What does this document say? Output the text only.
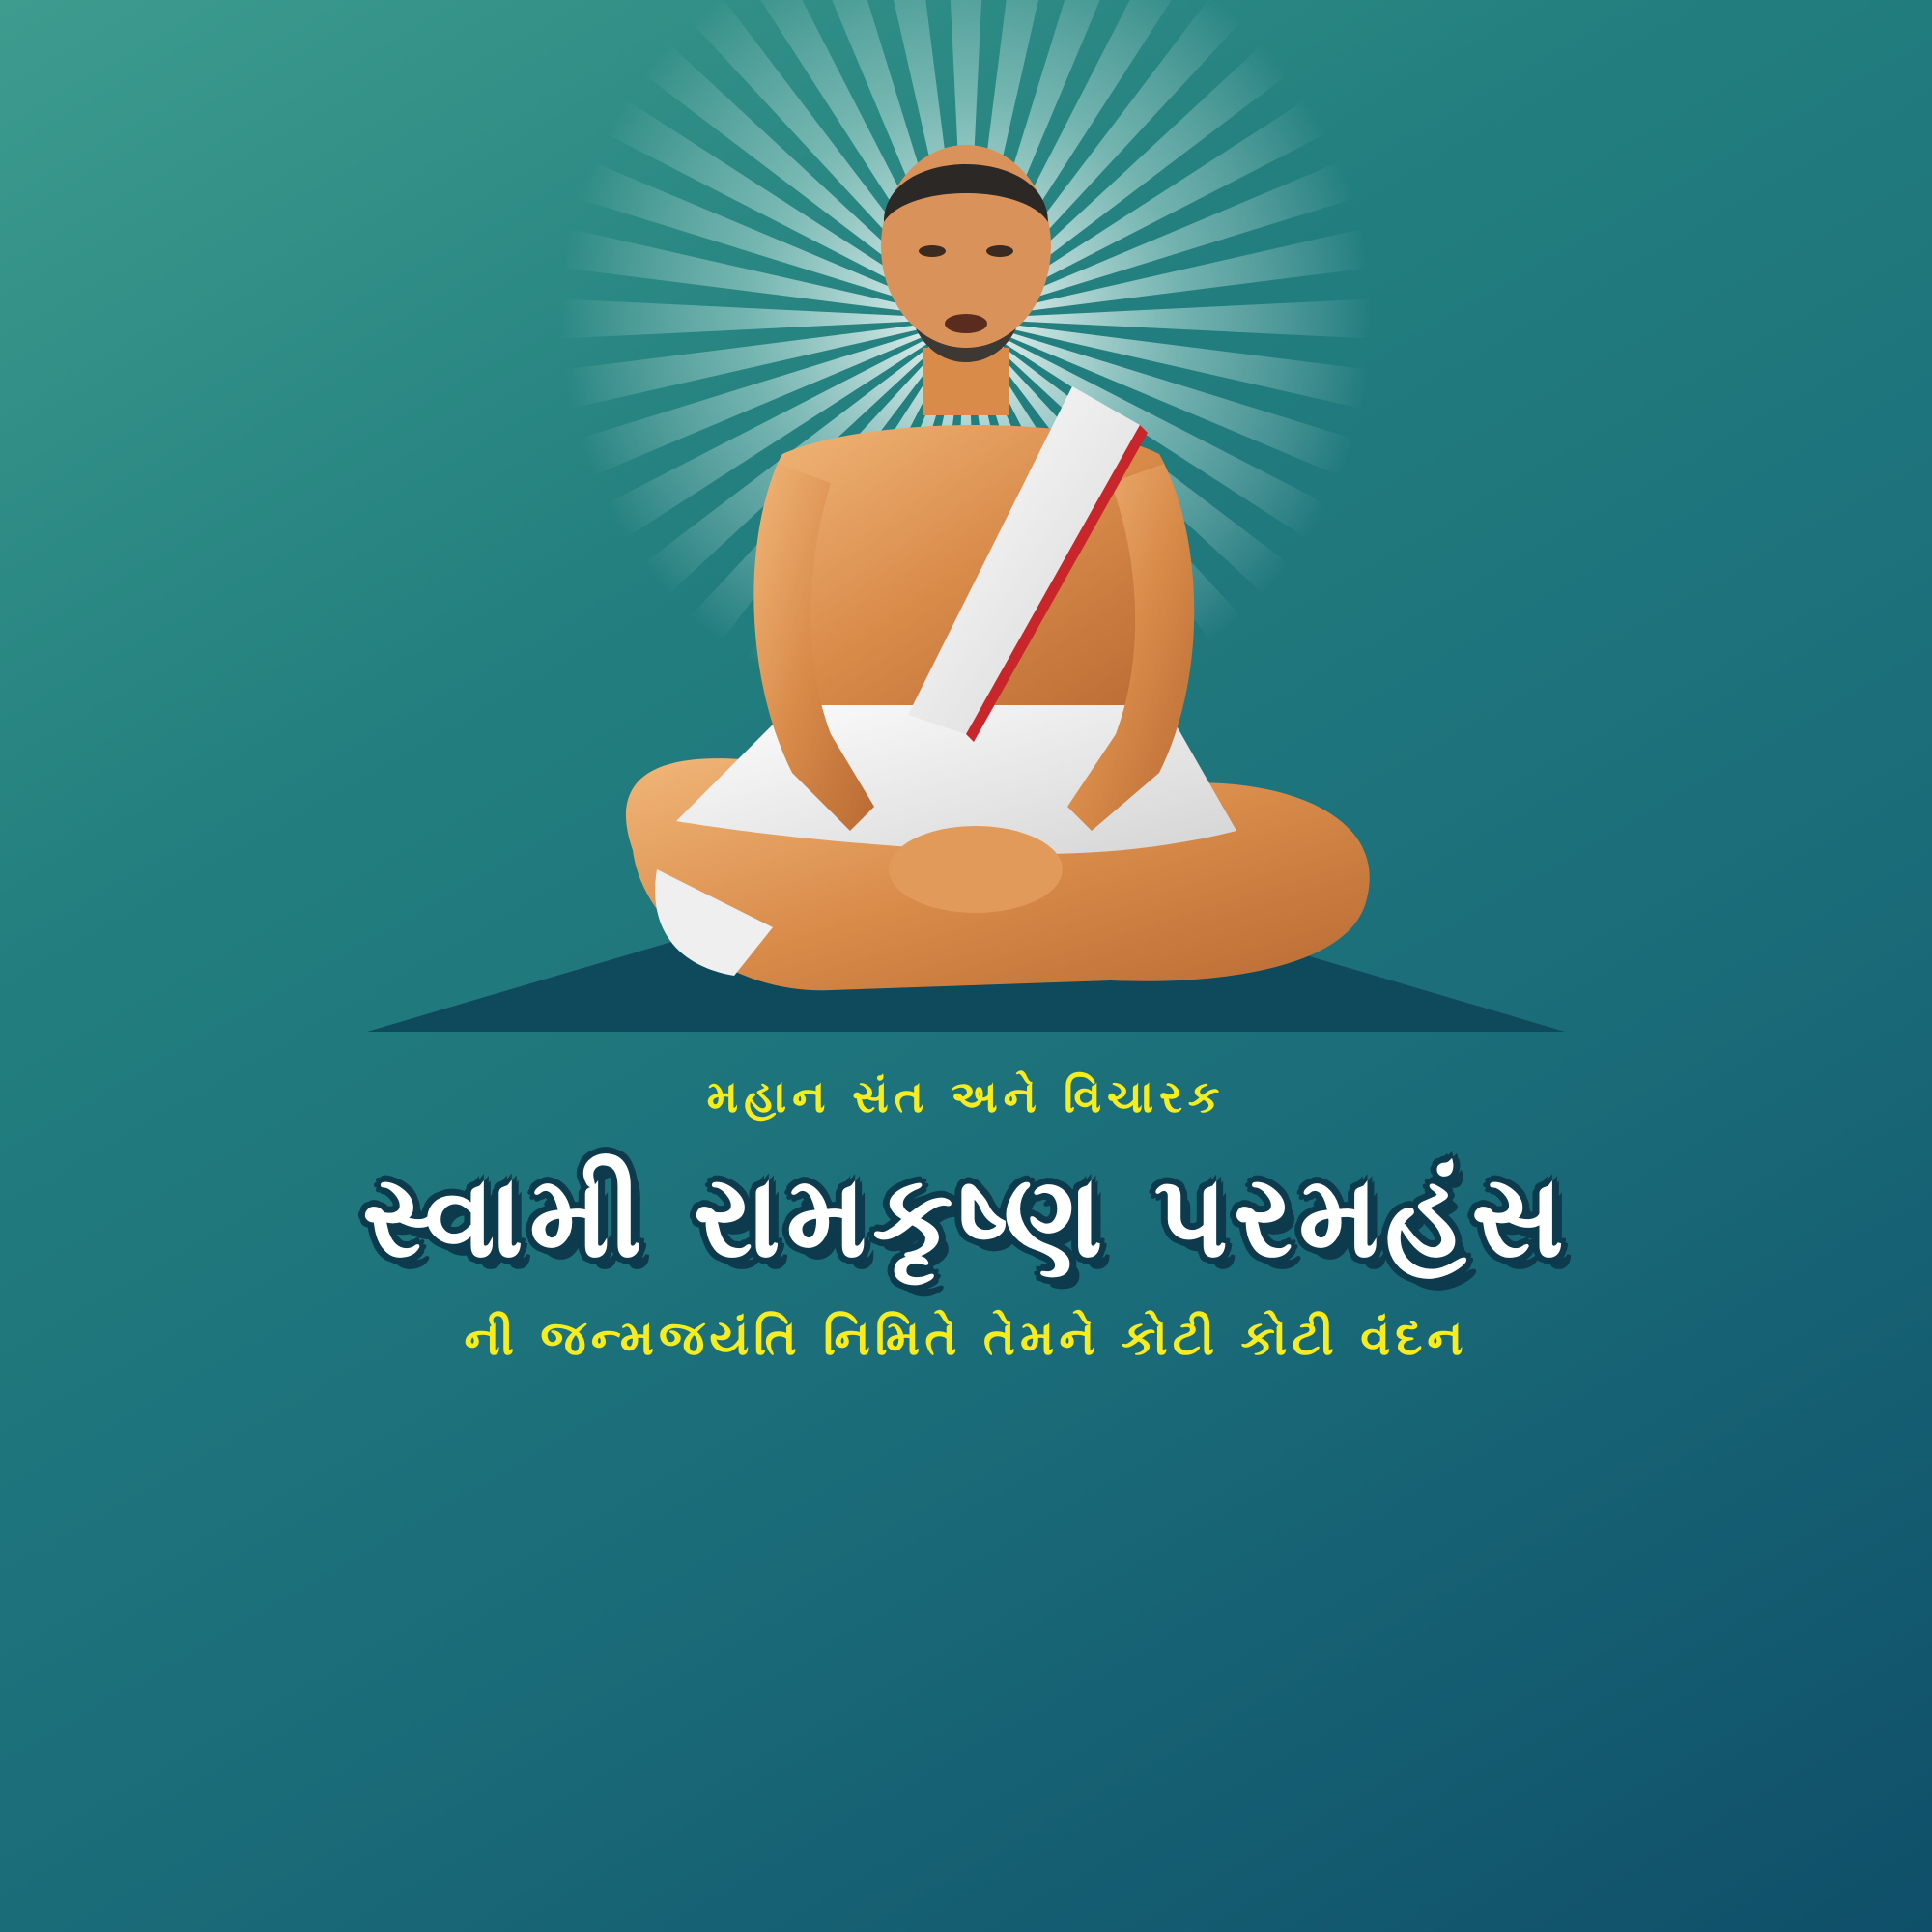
મહાન સંત અને વિચારક

સ્વામી રામકૃષ્ણ પરમહંસ

ની જન્મજયંતિ નિમિતે તેમને કોટી કોટી વંદન
